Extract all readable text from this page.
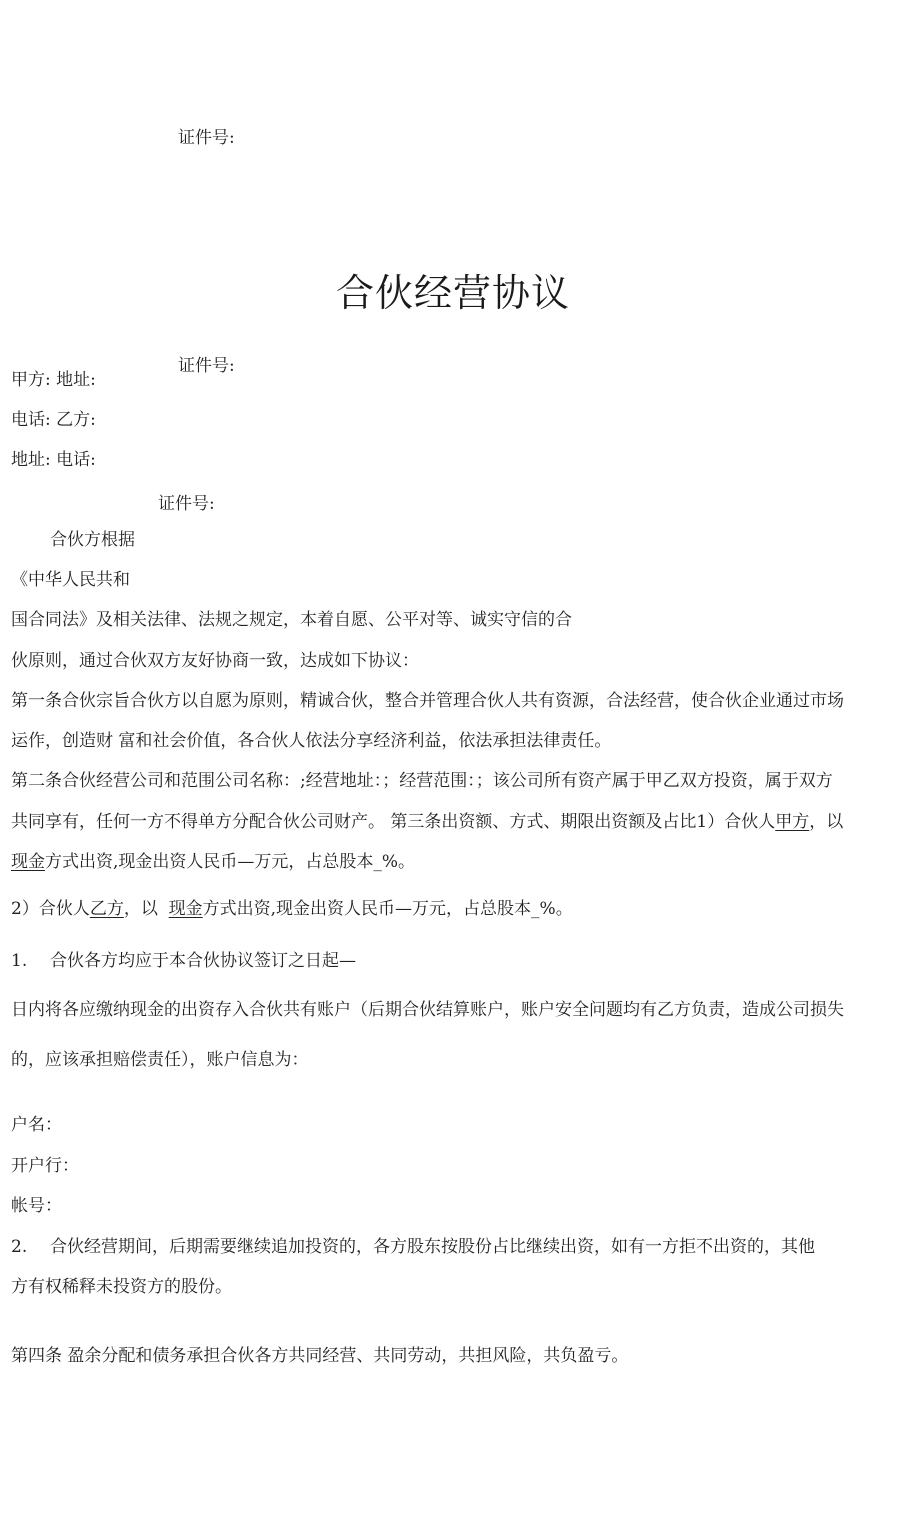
证件号:
合伙经营协议
证件号:
甲方: 地址:
电话: 乙方:
地址: 电话:
证件号:
合伙方根据
《中华人民共和
国合同法》及相关法律、法规之规定，本着自愿、公平对等、诚实守信的合
伙原则，通过合伙双方友好协商一致，达成如下协议：
第一条合伙宗旨合伙方以自愿为原则，精诚合伙，整合并管理合伙人共有资源，合法经营，使合伙企业通过市场
运作，创造财 富和社会价值，各合伙人依法分享经济利益，依法承担法律责任。
第二条合伙经营公司和范围公司名称：;经营地址：；经营范围：；该公司所有资产属于甲乙双方投资，属于双方
共同享有，任何一方不得单方分配合伙公司财产。 第三条出资额、方式、期限出资额及占比1）合伙人甲方，以
现金方式出资,现金出资人民币—万元，占总股本_%。
2）合伙人乙方，以  现金方式出资,现金出资人民币—万元，占总股本_%。
1. 合伙各方均应于本合伙协议签订之日起—
日内将各应缴纳现金的出资存入合伙共有账户（后期合伙结算账户，账户安全问题均有乙方负责，造成公司损失
的，应该承担赔偿责任），账户信息为：
户名：
开户行：
帐号：
2. 合伙经营期间，后期需要继续追加投资的，各方股东按股份占比继续出资，如有一方拒不出资的，其他
方有权稀释未投资方的股份。
第四条 盈余分配和债务承担合伙各方共同经营、共同劳动，共担风险，共负盈亏。
